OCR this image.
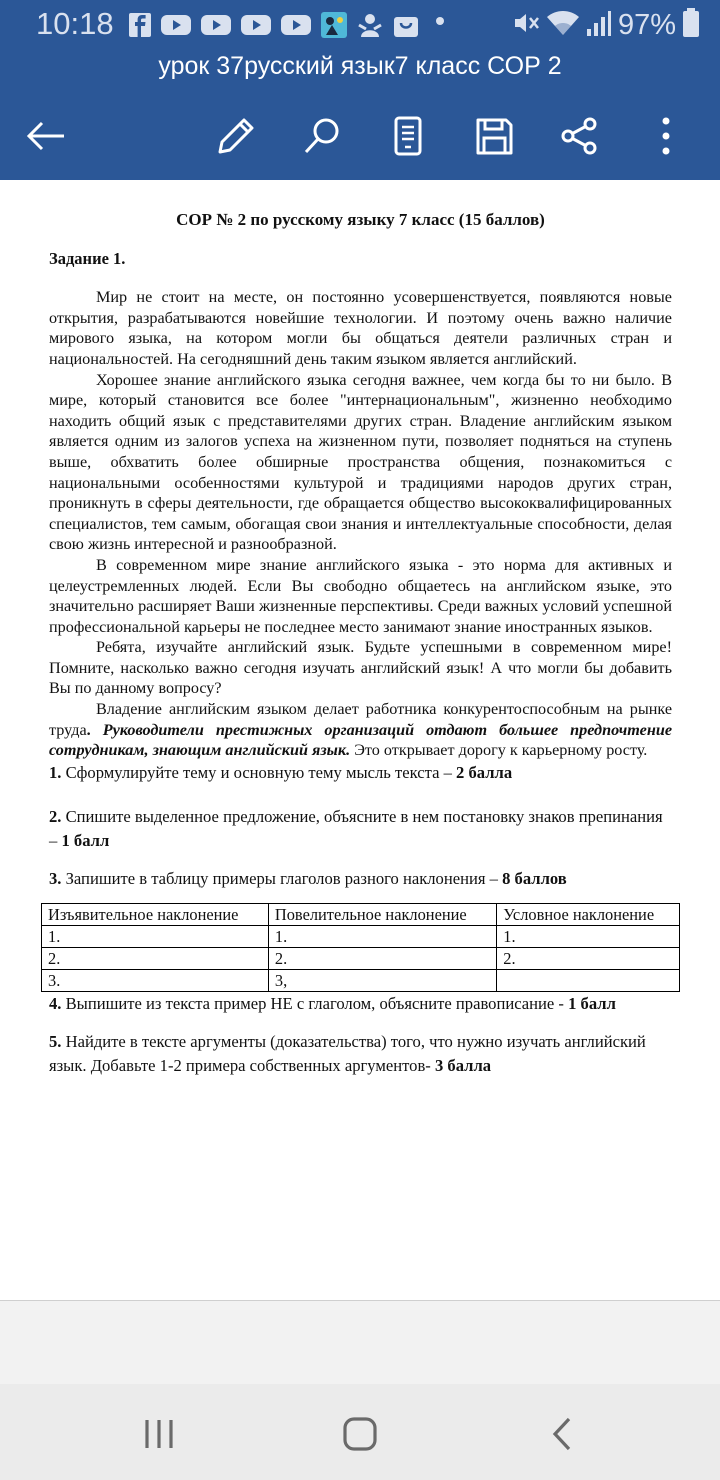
10:18	97%
урок 37русский язык7 класс СОР 2
СОР № 2 по русскому языку 7 класс (15 баллов)
Задание 1.

Мир не стоит на месте, он постоянно усовершенствуется, появляются новые открытия, разрабатываются новейшие технологии. И поэтому очень важно наличие мирового языка, на котором могли бы общаться деятели различных стран и национальностей. На сегодняшний день таким языком является английский.

Хорошее знание английского языка сегодня важнее, чем когда бы то ни было. В мире, который становится все более "интернациональным", жизненно необходимо находить общий язык с представителями других стран. Владение английским языком является одним из залогов успеха на жизненном пути, позволяет подняться на ступень выше, обхватить более обширные пространства общения, познакомиться с национальными особенностями культурой и традициями народов других стран, проникнуть в сферы деятельности, где обращается общество высококвалифицированных специалистов, тем самым, обогащая свои знания и интеллектуальные способности, делая свою жизнь интересной и разнообразной.

В современном мире знание английского языка - это норма для активных и целеустремленных людей. Если Вы свободно общаетесь на английском языке, это значительно расширяет Ваши жизненные перспективы. Среди важных условий успешной профессиональной карьеры не последнее место занимают знание иностранных языков.

Ребята, изучайте английский язык. Будьте успешными в современном мире! Помните, насколько важно сегодня изучать английский язык! А что могли бы добавить Вы по данному вопросу?

Владение английским языком делает работника конкурентоспособным на рынке труда. Руководители престижных организаций отдают большее предпочтение сотрудникам, знающим английский язык. Это открывает дорогу к карьерному росту.

1. Сформулируйте тему и основную тему мысль текста – 2 балла

2. Спишите выделенное предложение, объясните в нем постановку знаков препинания – 1 балл

3. Запишите в таблицу примеры глаголов разного наклонения – 8 баллов

Изъявительное наклонение	Повелительное наклонение	Условное наклонение
1.	1.	1.
2.	2.	2.
3.	3,	

4. Выпишите из текста пример НЕ с глаголом, объясните правописание - 1 балл

5. Найдите в тексте аргументы (доказательства) того, что нужно изучать английский язык. Добавьте 1-2 примера собственных аргументов- 3 балла
